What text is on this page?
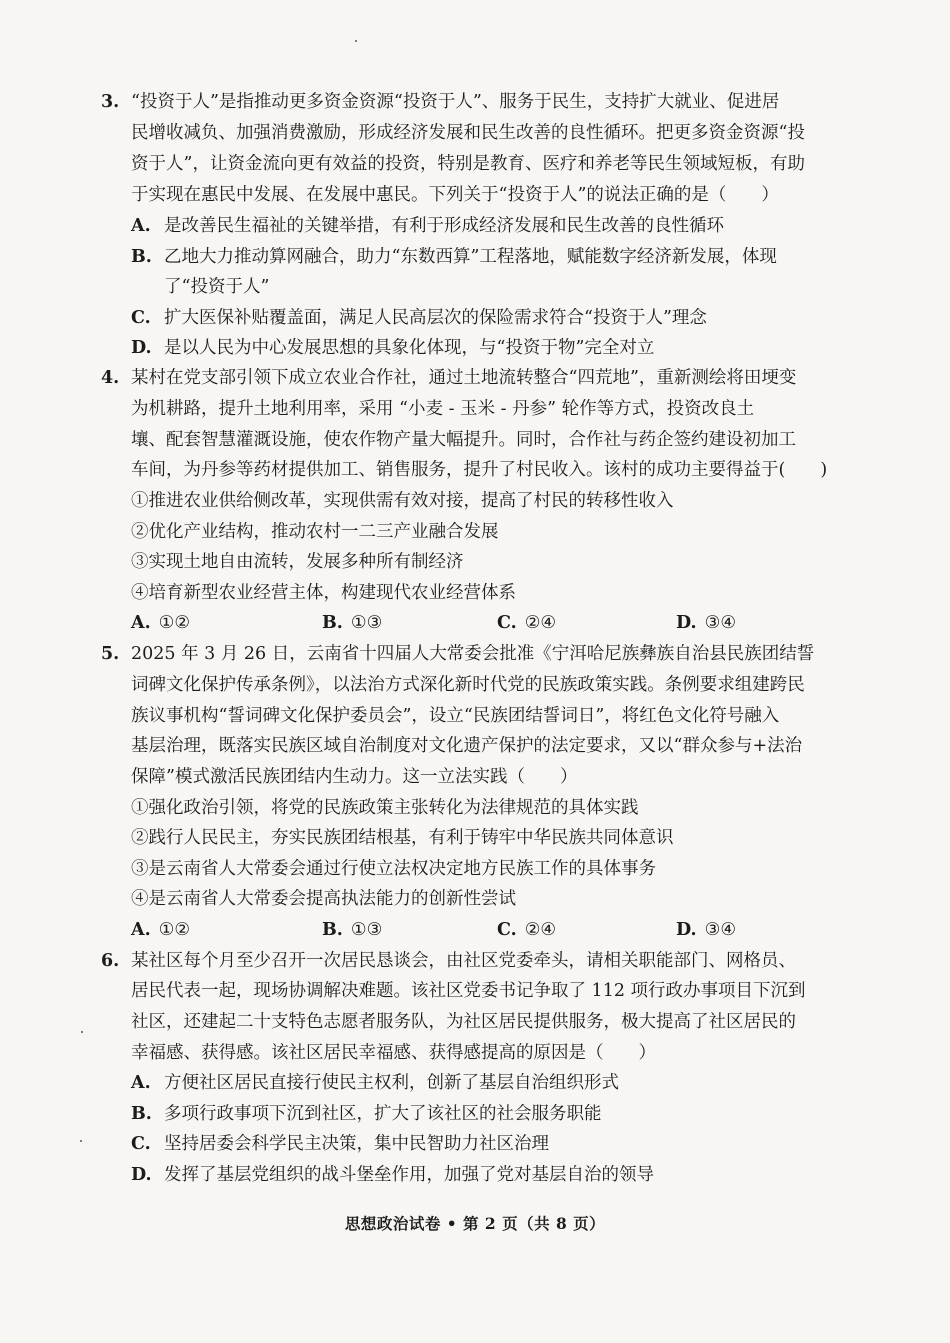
3. “投资于人”是指推动更多资金资源“投资于人”、服务于民生，支持扩大就业、促进居
民增收减负、加强消费激励，形成经济发展和民生改善的良性循环。把更多资金资源“投
资于人”，让资金流向更有效益的投资，特别是教育、医疗和养老等民生领域短板，有助
于实现在惠民中发展、在发展中惠民。下列关于“投资于人”的说法正确的是（　　）
A. 是改善民生福祉的关键举措，有利于形成经济发展和民生改善的良性循环
B. 乙地大力推动算网融合，助力“东数西算”工程落地，赋能数字经济新发展，体现
了“投资于人”
C. 扩大医保补贴覆盖面，满足人民高层次的保险需求符合“投资于人”理念
D. 是以人民为中心发展思想的具象化体现，与“投资于物”完全对立
4. 某村在党支部引领下成立农业合作社，通过土地流转整合“四荒地”，重新测绘将田埂变
为机耕路，提升土地利用率，采用 “小麦 - 玉米 - 丹参” 轮作等方式，投资改良土
壤、配套智慧灌溉设施，使农作物产量大幅提升。同时，合作社与药企签约建设初加工
车间，为丹参等药材提供加工、销售服务，提升了村民收入。该村的成功主要得益于(　　)
①推进农业供给侧改革，实现供需有效对接，提高了村民的转移性收入
②优化产业结构，推动农村一二三产业融合发展
③实现土地自由流转，发展多种所有制经济
④培育新型农业经营主体，构建现代农业经营体系
A. ①②	B. ①③	C. ②④	D. ③④
5. 2025 年 3 月 26 日，云南省十四届人大常委会批准《宁洱哈尼族彝族自治县民族团结誓
词碑文化保护传承条例》，以法治方式深化新时代党的民族政策实践。条例要求组建跨民
族议事机构“誓词碑文化保护委员会”，设立“民族团结誓词日”，将红色文化符号融入
基层治理，既落实民族区域自治制度对文化遗产保护的法定要求，又以“群众参与+法治
保障”模式激活民族团结内生动力。这一立法实践（　　）
①强化政治引领，将党的民族政策主张转化为法律规范的具体实践
②践行人民民主，夯实民族团结根基，有利于铸牢中华民族共同体意识
③是云南省人大常委会通过行使立法权决定地方民族工作的具体事务
④是云南省人大常委会提高执法能力的创新性尝试
A. ①②	B. ①③	C. ②④	D. ③④
6. 某社区每个月至少召开一次居民恳谈会，由社区党委牵头，请相关职能部门、网格员、
居民代表一起，现场协调解决难题。该社区党委书记争取了 112 项行政办事项目下沉到
社区，还建起二十支特色志愿者服务队，为社区居民提供服务，极大提高了社区居民的
幸福感、获得感。该社区居民幸福感、获得感提高的原因是（　　）
A. 方便社区居民直接行使民主权利，创新了基层自治组织形式
B. 多项行政事项下沉到社区，扩大了该社区的社会服务职能
C. 坚持居委会科学民主决策，集中民智助力社区治理
D. 发挥了基层党组织的战斗堡垒作用，加强了党对基层自治的领导
思想政治试卷 • 第 2 页（共 8 页）
